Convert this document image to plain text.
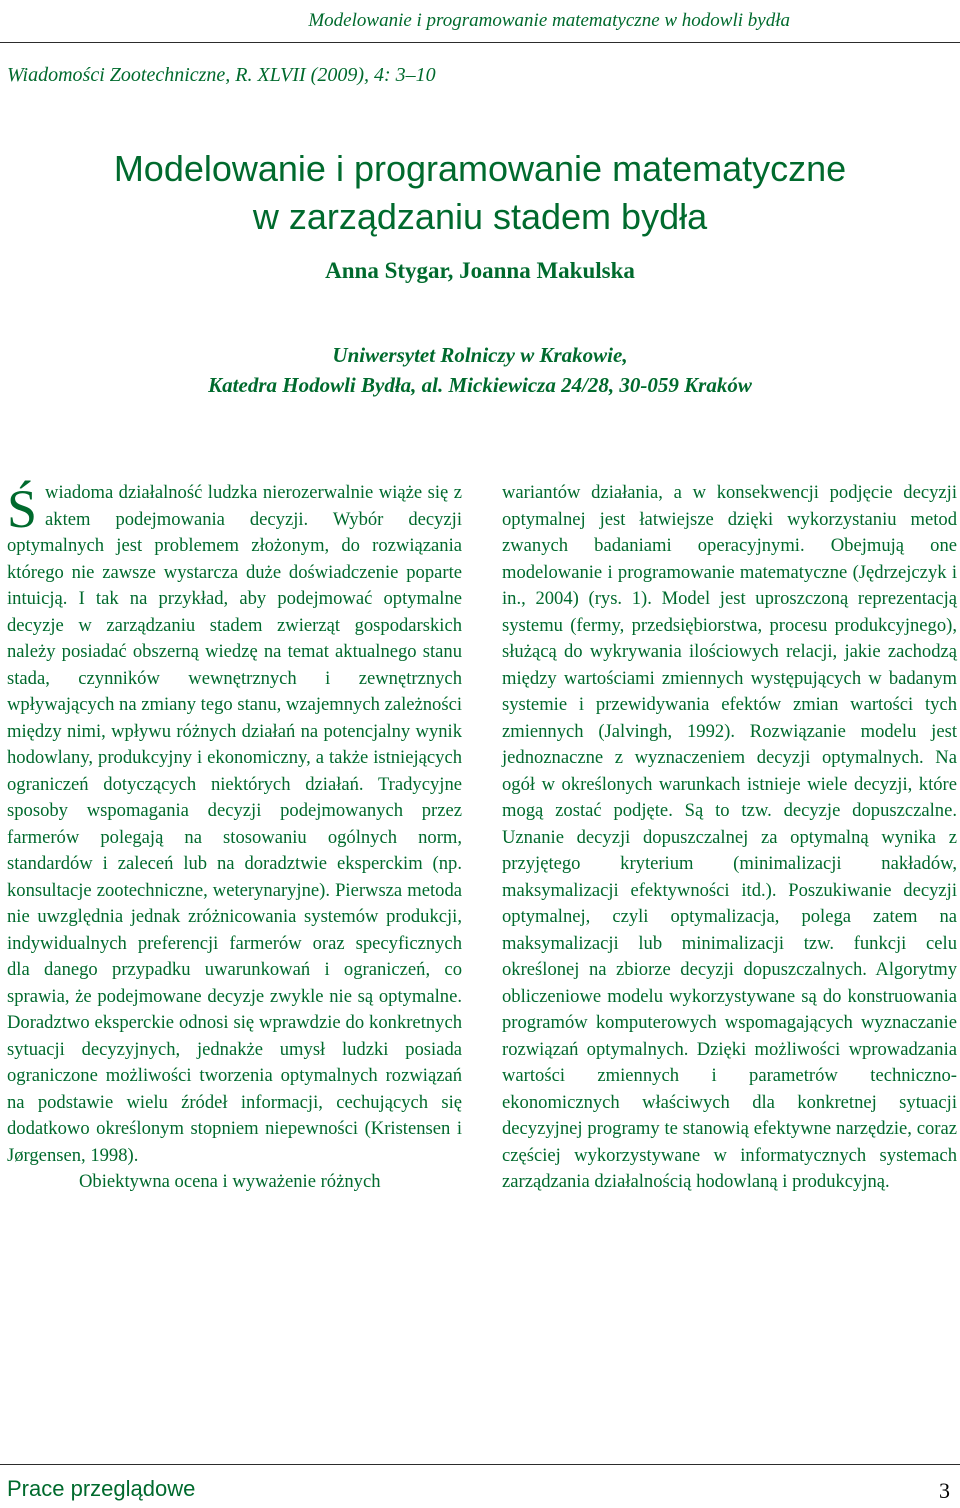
Modelowanie i programowanie matematyczne w hodowli bydła
Wiadomości Zootechniczne, R. XLVII (2009), 4: 3–10
Modelowanie i programowanie matematyczne
w zarządzaniu stadem bydła
Anna Stygar, Joanna Makulska
Uniwersytet Rolniczy w Krakowie,
Katedra Hodowli Bydła, al. Mickiewicza 24/28, 30-059 Kraków

Świadoma działalność ludzka nierozerwalnie wiąże się z aktem podejmowania decyzji. Wybór decyzji optymalnych jest problemem złożonym, do rozwiązania którego nie zawsze wystarcza duże doświadczenie poparte intuicją. I tak na przykład, aby podejmować optymalne decyzje w zarządzaniu stadem zwierząt gospodarskich należy posiadać obszerną wiedzę na temat aktualnego stanu stada, czynników wewnętrznych i zewnętrznych wpływających na zmiany tego stanu, wzajemnych zależności między nimi, wpływu różnych działań na potencjalny wynik hodowlany, produkcyjny i ekonomiczny, a także istniejących ograniczeń dotyczących niektórych działań. Tradycyjne sposoby wspomagania decyzji podejmowanych przez farmerów polegają na stosowaniu ogólnych norm, standardów i zaleceń lub na doradztwie eksperckim (np. konsultacje zootechniczne, weterynaryjne). Pierwsza metoda nie uwzględnia jednak zróżnicowania systemów produkcji, indywidualnych preferencji farmerów oraz specyficznych dla danego przypadku uwarunkowań i ograniczeń, co sprawia, że podejmowane decyzje zwykle nie są optymalne. Doradztwo eksperckie odnosi się wprawdzie do konkretnych sytuacji decyzyjnych, jednakże umysł ludzki posiada ograniczone możliwości tworzenia optymalnych rozwiązań na podstawie wielu źródeł informacji, cechujących się dodatkowo określonym stopniem niepewności (Kristensen i Jørgensen, 1998).

Obiektywna ocena i wyważenie różnych

wariantów działania, a w konsekwencji podjęcie decyzji optymalnej jest łatwiejsze dzięki wykorzystaniu metod zwanych badaniami operacyjnymi. Obejmują one modelowanie i programowanie matematyczne (Jędrzejczyk i in., 2004) (rys. 1). Model jest uproszczoną reprezentacją systemu (fermy, przedsiębiorstwa, procesu produkcyjnego), służącą do wykrywania ilościowych relacji, jakie zachodzą między wartościami zmiennych występujących w badanym systemie i przewidywania efektów zmian wartości tych zmiennych (Jalvingh, 1992). Rozwiązanie modelu jest jednoznaczne z wyznaczeniem decyzji optymalnych. Na ogół w określonych warunkach istnieje wiele decyzji, które mogą zostać podjęte. Są to tzw. decyzje dopuszczalne. Uznanie decyzji dopuszczalnej za optymalną wynika z przyjętego kryterium (minimalizacji nakładów, maksymalizacji efektywności itd.). Poszukiwanie decyzji optymalnej, czyli optymalizacja, polega zatem na maksymalizacji lub minimalizacji tzw. funkcji celu określonej na zbiorze decyzji dopuszczalnych. Algorytmy obliczeniowe modelu wykorzystywane są do konstruowania programów komputerowych wspomagających wyznaczanie rozwiązań optymalnych. Dzięki możliwości wprowadzania wartości zmiennych i parametrów techniczno-ekonomicznych właściwych dla konkretnej sytuacji decyzyjnej programy te stanowią efektywne narzędzie, coraz częściej wykorzystywane w informatycznych systemach zarządzania działalnością hodowlaną i produkcyjną.

Prace przeglądowe	3
